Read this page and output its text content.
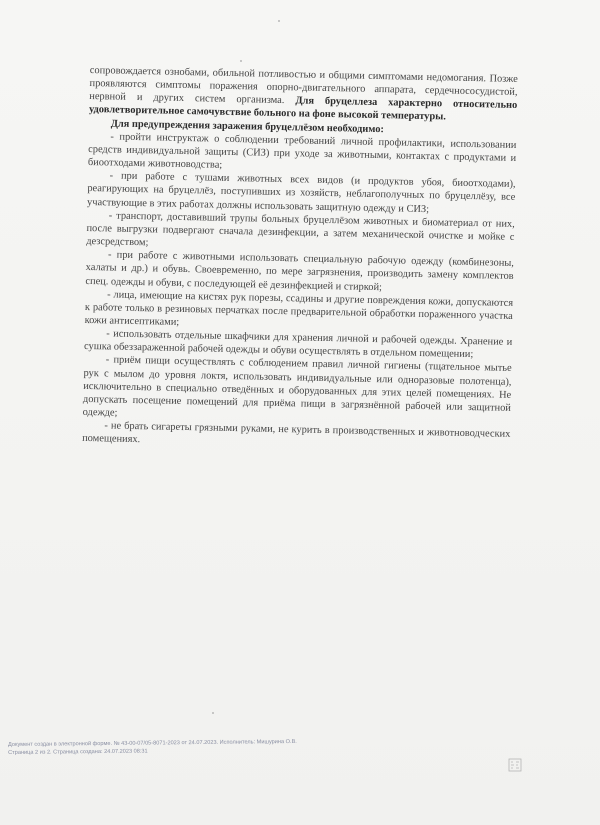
сопровождается ознобами, обильной потливостью и общими симптомами недомогания. Позже проявляются симптомы поражения опорно-двигательного аппарата, сердечнососудистой, нервной и других систем организма. Для бруцеллеза характерно относительно удовлетворительное самочувствие больного на фоне высокой температуры.

Для предупреждения заражения бруцеллёзом необходимо:

- пройти инструктаж о соблюдении требований личной профилактики, использовании средств индивидуальной защиты (СИЗ) при уходе за животными, контактах с продуктами и биоотходами животноводства;

- при работе с тушами животных всех видов (и продуктов убоя, биоотходами), реагирующих на бруцеллёз, поступивших из хозяйств, неблагополучных по бруцеллёзу, все участвующие в этих работах должны использовать защитную одежду и СИЗ;

- транспорт, доставивший трупы больных бруцеллёзом животных и биоматериал от них, после выгрузки подвергают сначала дезинфекции, а затем механической очистке и мойке с дезсредством;

- при работе с животными использовать специальную рабочую одежду (комбинезоны, халаты и др.) и обувь. Своевременно, по мере загрязнения, производить замену комплектов спец. одежды и обуви, с последующей её дезинфекцией и стиркой;

- лица, имеющие на кистях рук порезы, ссадины и другие повреждения кожи, допускаются к работе только в резиновых перчатках после предварительной обработки пораженного участка кожи антисептиками;

- использовать отдельные шкафчики для хранения личной и рабочей одежды. Хранение и сушка обеззараженной рабочей одежды и обуви осуществлять в отдельном помещении;

- приём пищи осуществлять с соблюдением правил личной гигиены (тщательное мытье рук с мылом до уровня локтя, использовать индивидуальные или одноразовые полотенца), исключительно в специально отведённых и оборудованных для этих целей помещениях. Не допускать посещение помещений для приёма пищи в загрязнённой рабочей или защитной одежде;

- не брать сигареты грязными руками, не курить в производственных и животноводческих помещениях.

Документ создан в электронной форме. № 43-00-07/05-8071-2023 от 24.07.2023. Исполнитель: Мишурина О.В.
Страница 2 из 2. Страница создана: 24.07.2023 08:31
